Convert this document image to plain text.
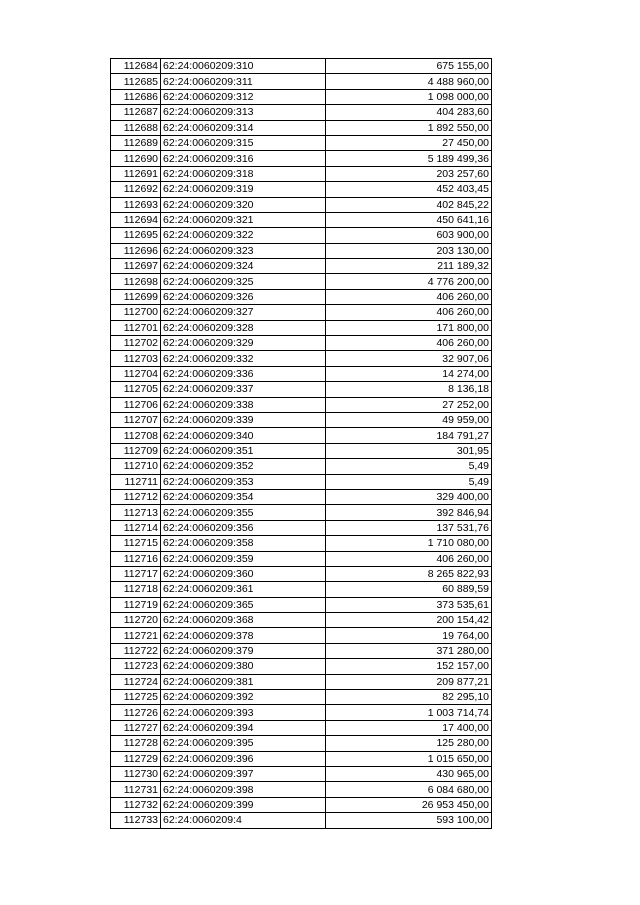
112684	62:24:0060209:310	675 155,00
112685	62:24:0060209:311	4 488 960,00
112686	62:24:0060209:312	1 098 000,00
112687	62:24:0060209:313	404 283,60
112688	62:24:0060209:314	1 892 550,00
112689	62:24:0060209:315	27 450,00
112690	62:24:0060209:316	5 189 499,36
112691	62:24:0060209:318	203 257,60
112692	62:24:0060209:319	452 403,45
112693	62:24:0060209:320	402 845,22
112694	62:24:0060209:321	450 641,16
112695	62:24:0060209:322	603 900,00
112696	62:24:0060209:323	203 130,00
112697	62:24:0060209:324	211 189,32
112698	62:24:0060209:325	4 776 200,00
112699	62:24:0060209:326	406 260,00
112700	62:24:0060209:327	406 260,00
112701	62:24:0060209:328	171 800,00
112702	62:24:0060209:329	406 260,00
112703	62:24:0060209:332	32 907,06
112704	62:24:0060209:336	14 274,00
112705	62:24:0060209:337	8 136,18
112706	62:24:0060209:338	27 252,00
112707	62:24:0060209:339	49 959,00
112708	62:24:0060209:340	184 791,27
112709	62:24:0060209:351	301,95
112710	62:24:0060209:352	5,49
112711	62:24:0060209:353	5,49
112712	62:24:0060209:354	329 400,00
112713	62:24:0060209:355	392 846,94
112714	62:24:0060209:356	137 531,76
112715	62:24:0060209:358	1 710 080,00
112716	62:24:0060209:359	406 260,00
112717	62:24:0060209:360	8 265 822,93
112718	62:24:0060209:361	60 889,59
112719	62:24:0060209:365	373 535,61
112720	62:24:0060209:368	200 154,42
112721	62:24:0060209:378	19 764,00
112722	62:24:0060209:379	371 280,00
112723	62:24:0060209:380	152 157,00
112724	62:24:0060209:381	209 877,21
112725	62:24:0060209:392	82 295,10
112726	62:24:0060209:393	1 003 714,74
112727	62:24:0060209:394	17 400,00
112728	62:24:0060209:395	125 280,00
112729	62:24:0060209:396	1 015 650,00
112730	62:24:0060209:397	430 965,00
112731	62:24:0060209:398	6 084 680,00
112732	62:24:0060209:399	26 953 450,00
112733	62:24:0060209:4	593 100,00
